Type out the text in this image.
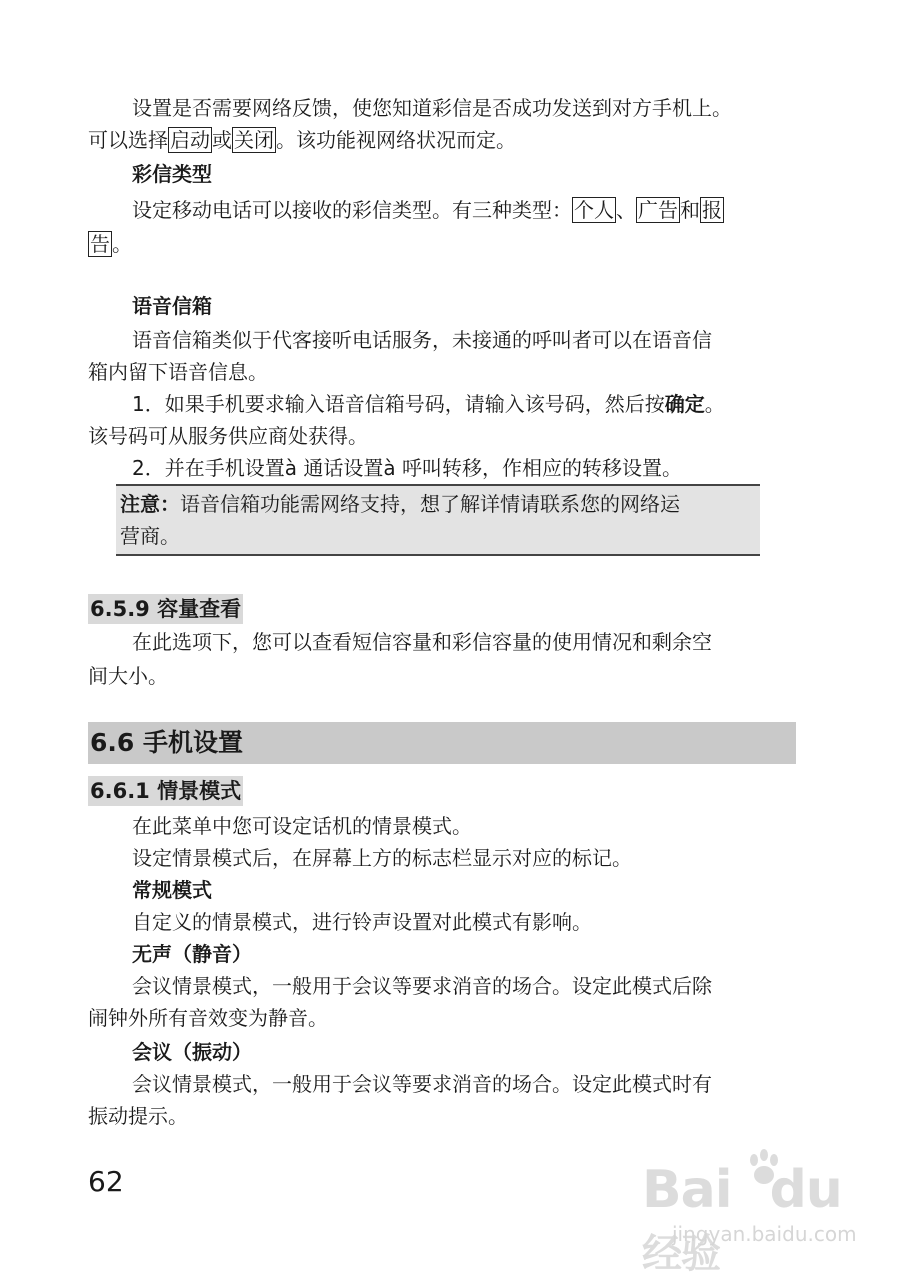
设置是否需要网络反馈，使您知道彩信是否成功发送到对方手机上。

可以选择 启动 或 关闭 。该功能视网络状况而定。

彩信类型

设定移动电话可以接收的彩信类型。有三种类型： 个人 、 广告 和 报

告 。

语音信箱

语音信箱类似于代客接听电话服务，未接通的呼叫者可以在语音信

箱内留下语音信息。

1．如果手机要求输入语音信箱号码，请输入该号码，然后按确定。

该号码可从服务供应商处获得。

2．并在手机设置à 通话设置à 呼叫转移，作相应的转移设置。

注意：语音信箱功能需网络支持，想了解详情请联系您的网络运

营商。

6.5.9 容量查看

在此选项下，您可以查看短信容量和彩信容量的使用情况和剩余空

间大小。

6.6 手机设置
6.6.1 情景模式

在此菜单中您可设定话机的情景模式。

设定情景模式后，在屏幕上方的标志栏显示对应的标记。

常规模式

自定义的情景模式，进行铃声设置对此模式有影响。

无声（静音）

会议情景模式，一般用于会议等要求消音的场合。设定此模式后除

闹钟外所有音效变为静音。

会议（振动）

会议情景模式，一般用于会议等要求消音的场合。设定此模式时有

振动提示。

62	Bai du经验
jingyan.baidu.com
